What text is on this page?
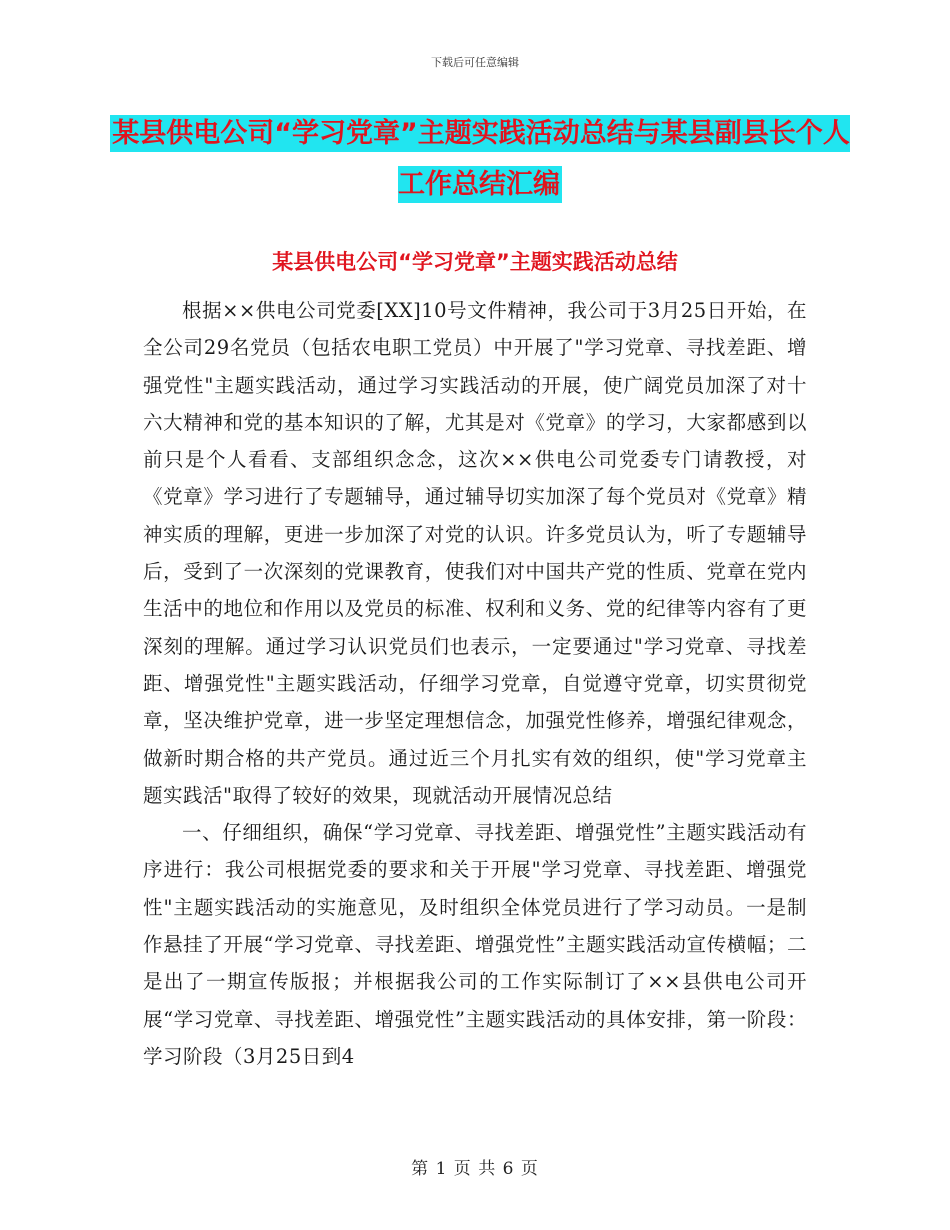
下载后可任意编辑
某县供电公司“学习党章”主题实践活动总结与某县副县长个人工作总结汇编
某县供电公司“学习党章”主题实践活动总结

根据××供电公司党委[XX]10号文件精神，我公司于3月25日开始，在全公司29名党员（包括农电职工党员）中开展了"学习党章、寻找差距、增强党性"主题实践活动，通过学习实践活动的开展，使广阔党员加深了对十六大精神和党的基本知识的了解，尤其是对《党章》的学习，大家都感到以前只是个人看看、支部组织念念，这次××供电公司党委专门请教授，对《党章》学习进行了专题辅导，通过辅导切实加深了每个党员对《党章》精神实质的理解，更进一步加深了对党的认识。许多党员认为，听了专题辅导后，受到了一次深刻的党课教育，使我们对中国共产党的性质、党章在党内生活中的地位和作用以及党员的标准、权利和义务、党的纪律等内容有了更深刻的理解。通过学习认识党员们也表示，一定要通过"学习党章、寻找差距、增强党性"主题实践活动，仔细学习党章，自觉遵守党章，切实贯彻党章，坚决维护党章，进一步坚定理想信念，加强党性修养，增强纪律观念，做新时期合格的共产党员。通过近三个月扎实有效的组织，使"学习党章主题实践活"取得了较好的效果，现就活动开展情况总结

一、仔细组织，确保“学习党章、寻找差距、增强党性”主题实践活动有序进行：我公司根据党委的要求和关于开展"学习党章、寻找差距、增强党性"主题实践活动的实施意见，及时组织全体党员进行了学习动员。一是制作悬挂了开展“学习党章、寻找差距、增强党性”主题实践活动宣传横幅；二是出了一期宣传版报；并根据我公司的工作实际制订了××县供电公司开展“学习党章、寻找差距、增强党性”主题实践活动的具体安排，第一阶段：学习阶段（3月25日到4

第 1 页 共 6 页
